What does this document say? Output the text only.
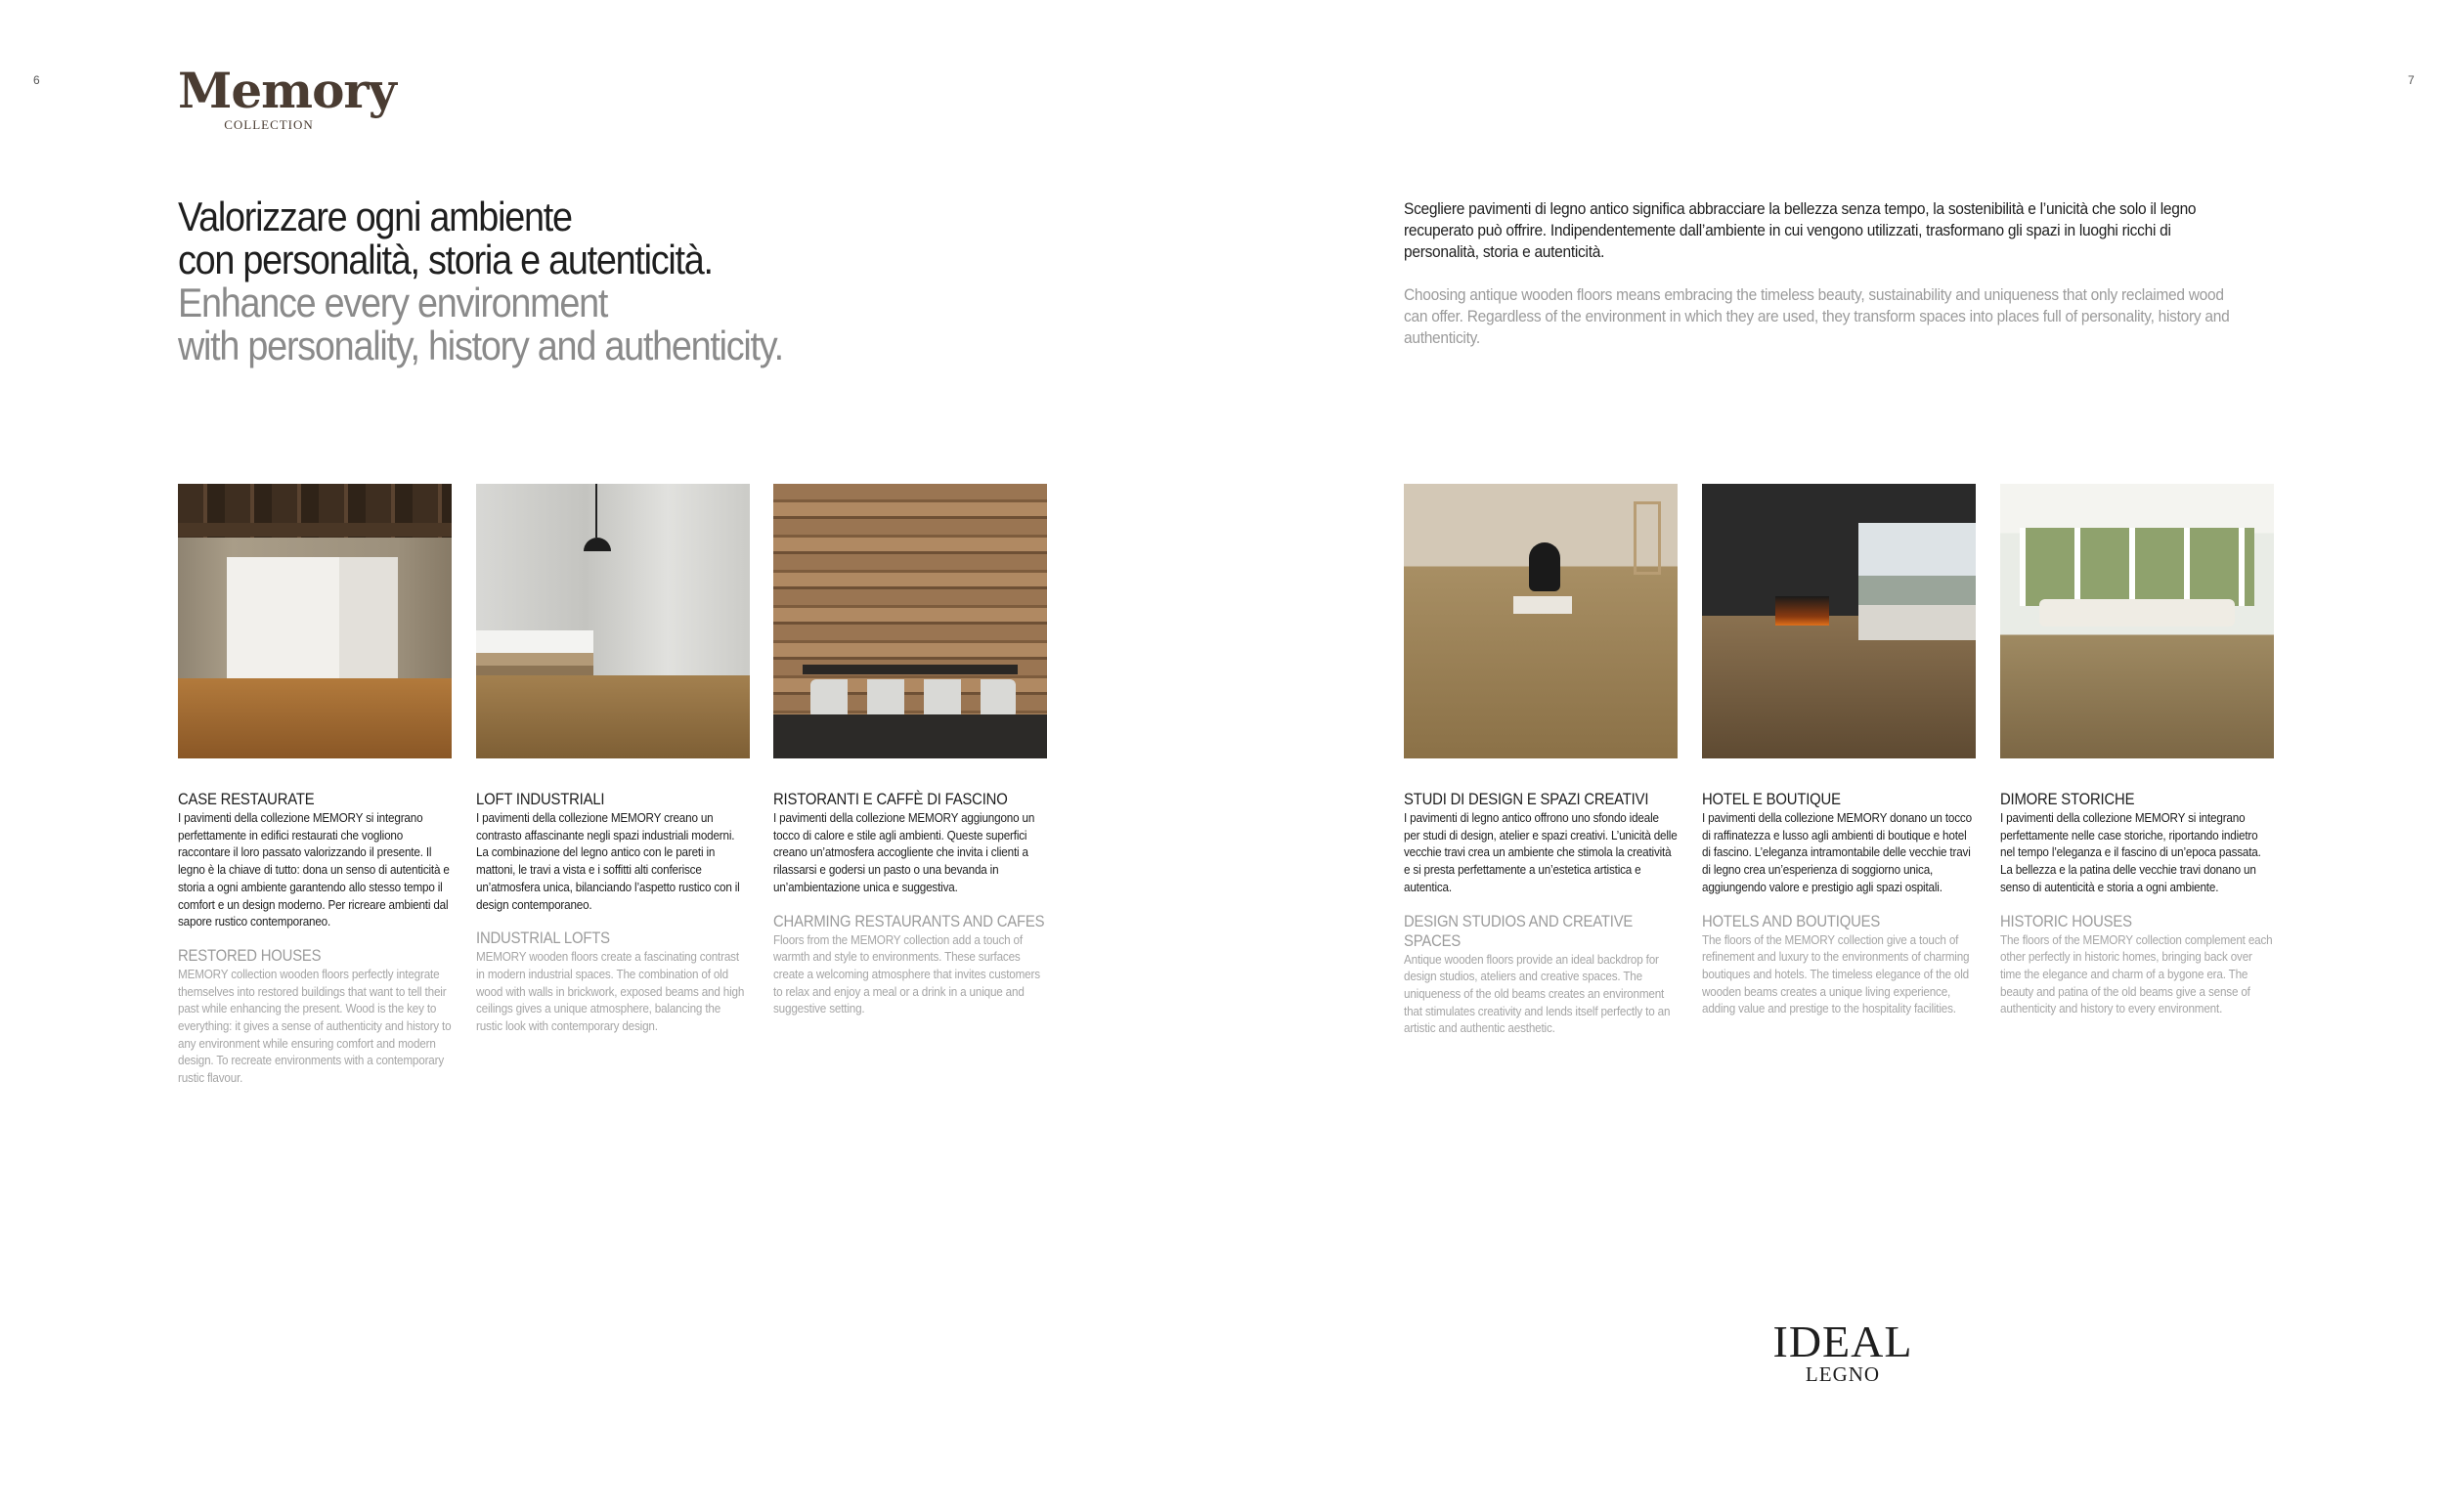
6	7
Memory
COLLECTION
Valorizzare ogni ambiente
con personalità, storia e autenticità.
Enhance every environment
with personality, history and authenticity.

Scegliere pavimenti di legno antico significa abbracciare la bellezza senza tempo, la sostenibilità e l’unicità che solo il legno recuperato può offrire. Indipendentemente dall’ambiente in cui vengono utilizzati, trasformano gli spazi in luoghi ricchi di personalità, storia e autenticità.

Choosing antique wooden floors means embracing the timeless beauty, sustainability and uniqueness that only reclaimed wood can offer. Regardless of the environment in which they are used, they transform spaces into places full of personality, history and authenticity.

CASE RESTAURATE

I pavimenti della collezione MEMORY si integrano perfettamente in edifici restaurati che vogliono raccontare il loro passato valorizzando il presente. Il legno è la chiave di tutto: dona un senso di autenticità e storia a ogni ambiente garantendo allo stesso tempo il comfort e un design moderno. Per ricreare ambienti dal sapore rustico contemporaneo.

RESTORED HOUSES

MEMORY collection wooden floors perfectly integrate themselves into restored buildings that want to tell their past while enhancing the present. Wood is the key to everything: it gives a sense of authenticity and history to any environment while ensuring comfort and modern design. To recreate environments with a contemporary rustic flavour.

LOFT INDUSTRIALI

I pavimenti della collezione MEMORY creano un contrasto affascinante negli spazi industriali moderni. La combinazione del legno antico con le pareti in mattoni, le travi a vista e i soffitti alti conferisce un’atmosfera unica, bilanciando l’aspetto rustico con il design contemporaneo.

INDUSTRIAL LOFTS

MEMORY wooden floors create a fascinating contrast in modern industrial spaces. The combination of old wood with walls in brickwork, exposed beams and high ceilings gives a unique atmosphere, balancing the rustic look with contemporary design.

RISTORANTI E CAFFÈ DI FASCINO

I pavimenti della collezione MEMORY aggiungono un tocco di calore e stile agli ambienti. Queste superfici creano un’atmosfera accogliente che invita i clienti a rilassarsi e godersi un pasto o una bevanda in un’ambientazione unica e suggestiva.

CHARMING RESTAURANTS AND CAFES

Floors from the MEMORY collection add a touch of warmth and style to environments. These surfaces create a welcoming atmosphere that invites customers to relax and enjoy a meal or a drink in a unique and suggestive setting.

STUDI DI DESIGN E SPAZI CREATIVI

I pavimenti di legno antico offrono uno sfondo ideale per studi di design, atelier e spazi creativi. L’unicità delle vecchie travi crea un ambiente che stimola la creatività e si presta perfettamente a un’estetica artistica e autentica.

DESIGN STUDIOS AND CREATIVE SPACES

Antique wooden floors provide an ideal backdrop for design studios, ateliers and creative spaces. The uniqueness of the old beams creates an environment that stimulates creativity and lends itself perfectly to an artistic and authentic aesthetic.

HOTEL E BOUTIQUE

I pavimenti della collezione MEMORY donano un tocco di raffinatezza e lusso agli ambienti di boutique e hotel di fascino. L’eleganza intramontabile delle vecchie travi di legno crea un’esperienza di soggiorno unica, aggiungendo valore e prestigio agli spazi ospitali.

HOTELS AND BOUTIQUES

The floors of the MEMORY collection give a touch of refinement and luxury to the environments of charming boutiques and hotels. The timeless elegance of the old wooden beams creates a unique living experience, adding value and prestige to the hospitality facilities.

DIMORE STORICHE

I pavimenti della collezione MEMORY si integrano perfettamente nelle case storiche, riportando indietro nel tempo l’eleganza e il fascino di un’epoca passata. La bellezza e la patina delle vecchie travi donano un senso di autenticità e storia a ogni ambiente.

HISTORIC HOUSES

The floors of the MEMORY collection complement each other perfectly in historic homes, bringing back over time the elegance and charm of a bygone era. The beauty and patina of the old beams give a sense of authenticity and history to every environment.

IDEAL
LEGNO
